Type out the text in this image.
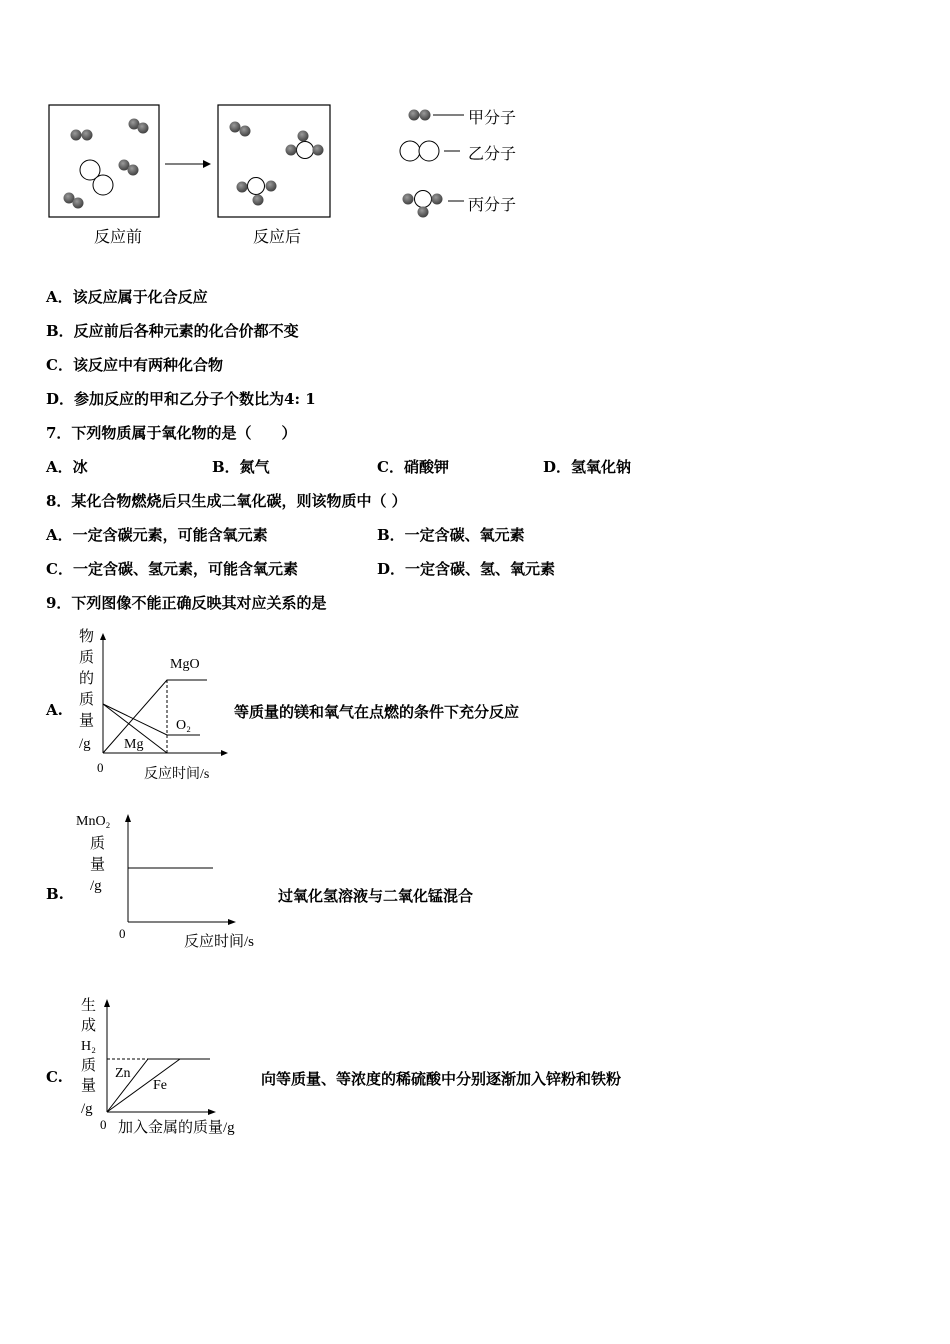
反应前	反应后
甲分子
乙分子
丙分子
A．该反应属于化合反应
B．反应前后各种元素的化合价都不变
C．该反应中有两种化合物
D．参加反应的甲和乙分子个数比为4: 1
7．下列物质属于氧化物的是（　　）
A．冰	B．氮气	C．硝酸钾	D．氢氧化钠
8．某化合物燃烧后只生成二氧化碳，则该物质中（ ）
A．一定含碳元素，可能含氧元素	B．一定含碳、氧元素
C．一定含碳、氢元素，可能含氧元素	D．一定含碳、氢、氧元素
9．下列图像不能正确反映其对应关系的是
A.
物
质
的
质
量
/g
0	反应时间/s
MgO
O₂
Mg
等质量的镁和氧气在点燃的条件下充分反应
B.
MnO₂
质
量
/g
0
反应时间/s
过氧化氢溶液与二氧化锰混合
C.
生
成
H₂
质
量
/g
0 加入金属的质量/g
Zn
Fe	向等质量、等浓度的稀硫酸中分别逐渐加入锌粉和铁粉
